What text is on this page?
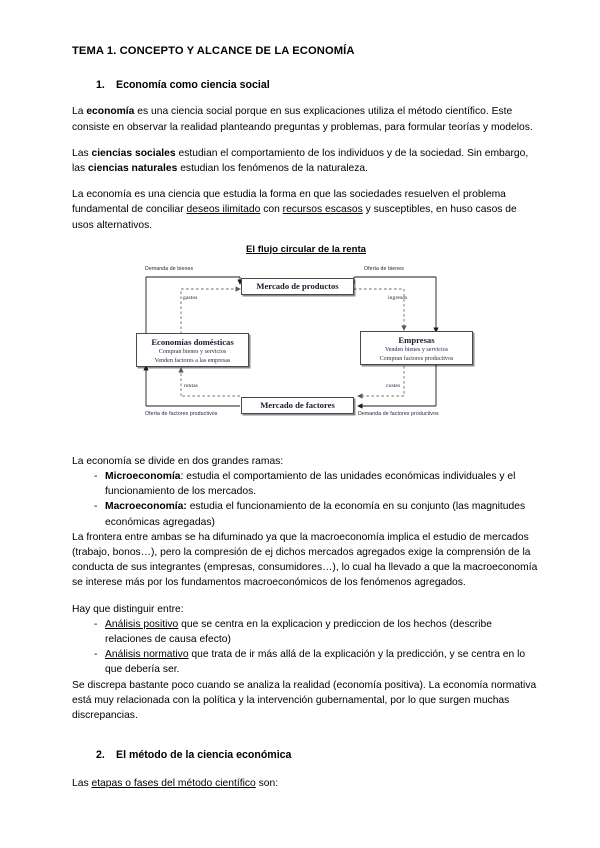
TEMA 1. CONCEPTO Y ALCANCE DE LA ECONOMÍA
1. Economía como ciencia social

La economía es una ciencia social porque en sus explicaciones utiliza el método científico. Este consiste en observar la realidad planteando preguntas y problemas, para formular teorías y modelos.

Las ciencias sociales estudian el comportamiento de los individuos y de la sociedad. Sin embargo, las ciencias naturales estudian los fenómenos de la naturaleza.

La economía es una ciencia que estudia la forma en que las sociedades resuelven el problema fundamental de conciliar deseos ilimitado con recursos escasos y susceptibles, en huso casos de usos alternativos.

El flujo circular de la renta
Mercado de productos
Mercado de factores
Economías domésticas
Compran bienes y servicios
Venden factores a las empresas
Empresas
Venden bienes y servicios
Compran factores productivos
Demanda de bienes	Oferta de bienes
gastos	ingresos
rentas	costes
Oferta de factores productivos	Demanda de factores productivos

La economía se divide en dos grandes ramas:

- Microeconomía: estudia el comportamiento de las unidades económicas individuales y el funcionamiento de los mercados.
- Macroeconomía: estudia el funcionamiento de la economía en su conjunto (las magnitudes económicas agregadas)

La frontera entre ambas se ha difuminado ya que la macroeconomía implica el estudio de mercados (trabajo, bonos…), pero la compresión de ej dichos mercados agregados exige la comprensión de la conducta de sus integrantes (empresas, consumidores…), lo cual ha llevado a que la macroeconomía se interese más por los fundamentos macroeconómicos de los fenómenos agregados.

Hay que distinguir entre:

- Análisis positivo que se centra en la explicacion y prediccion de los hechos (describe relaciones de causa efecto)
- Análisis normativo que trata de ir más allá de la explicación y la predicción, y se centra en lo que debería ser.

Se discrepa bastante poco cuando se analiza la realidad (economía positiva). La economía normativa está muy relacionada con la política y la intervención gubernamental, por lo que surgen muchas discrepancias.

2. El método de la ciencia económica

Las etapas o fases del método científico son:
